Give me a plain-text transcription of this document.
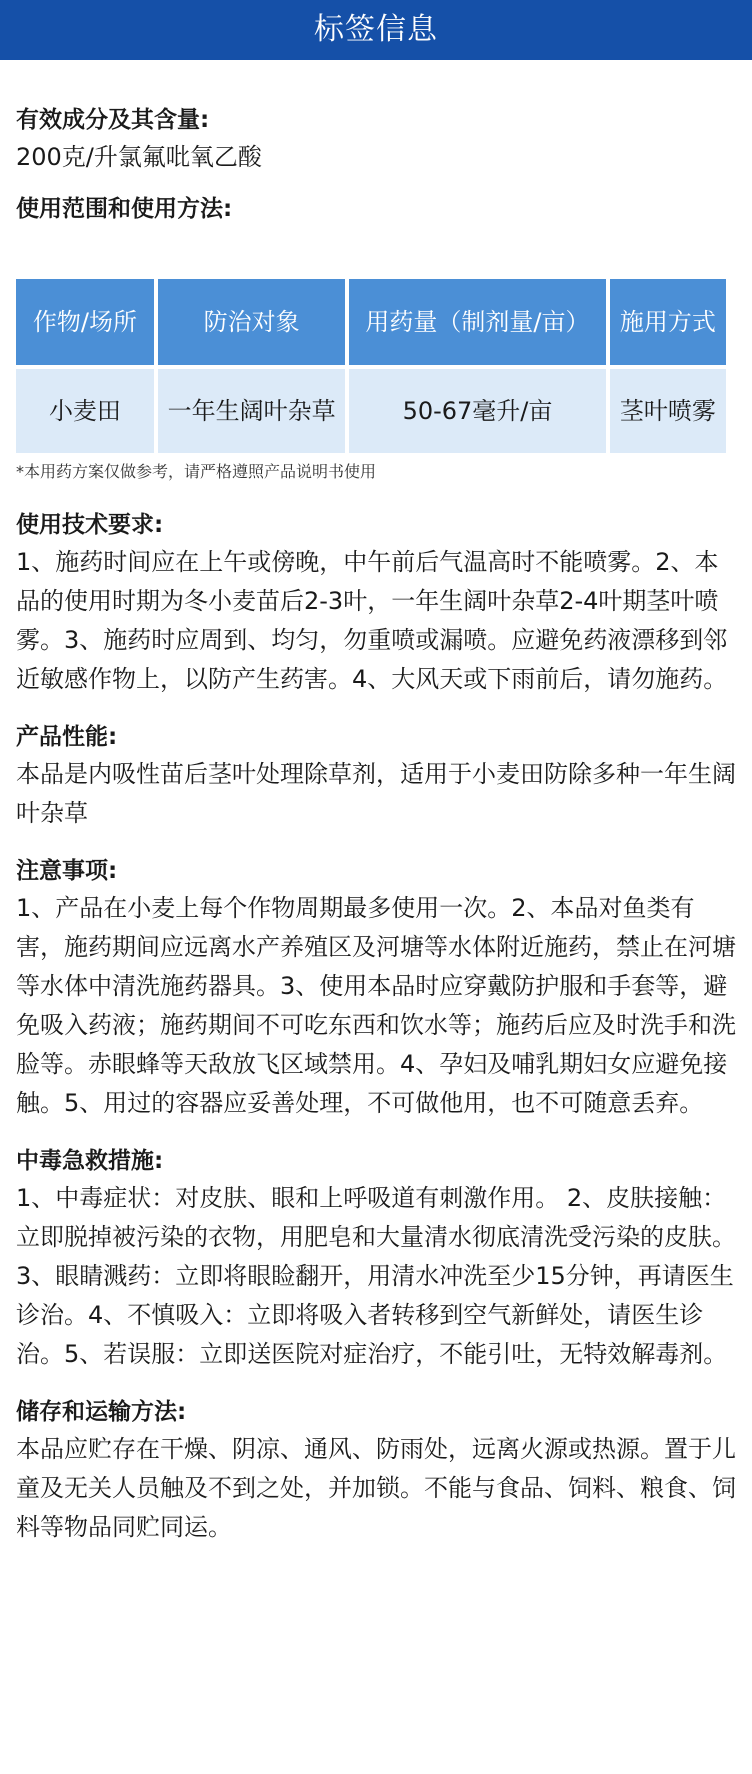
标签信息

有效成分及其含量:

200克/升氯氟吡氧乙酸

使用范围和使用方法:

作物/场所	防治对象	用药量（制剂量/亩）	施用方式
小麦田	一年生阔叶杂草	50-67毫升/亩	茎叶喷雾

*本用药方案仅做参考，请严格遵照产品说明书使用

使用技术要求:

1、施药时间应在上午或傍晚，中午前后气温高时不能喷雾。2、本品的使用时期为冬小麦苗后2-3叶，一年生阔叶杂草2-4叶期茎叶喷雾。3、施药时应周到、均匀，勿重喷或漏喷。应避免药液漂移到邻近敏感作物上，以防产生药害。4、大风天或下雨前后，请勿施药。

产品性能:

本品是内吸性苗后茎叶处理除草剂，适用于小麦田防除多种一年生阔叶杂草

注意事项:

1、产品在小麦上每个作物周期最多使用一次。2、本品对鱼类有害，施药期间应远离水产养殖区及河塘等水体附近施药，禁止在河塘等水体中清洗施药器具。3、使用本品时应穿戴防护服和手套等，避免吸入药液；施药期间不可吃东西和饮水等；施药后应及时洗手和洗脸等。赤眼蜂等天敌放飞区域禁用。4、孕妇及哺乳期妇女应避免接触。5、用过的容器应妥善处理，不可做他用，也不可随意丢弃。

中毒急救措施:

1、中毒症状：对皮肤、眼和上呼吸道有刺激作用。 2、皮肤接触：立即脱掉被污染的衣物，用肥皂和大量清水彻底清洗受污染的皮肤。3、眼睛溅药：立即将眼睑翻开，用清水冲洗至少15分钟，再请医生诊治。4、不慎吸入：立即将吸入者转移到空气新鲜处，请医生诊治。5、若误服：立即送医院对症治疗，不能引吐，无特效解毒剂。

储存和运输方法:

本品应贮存在干燥、阴凉、通风、防雨处，远离火源或热源。置于儿童及无关人员触及不到之处，并加锁。不能与食品、饲料、粮食、饲料等物品同贮同运。
